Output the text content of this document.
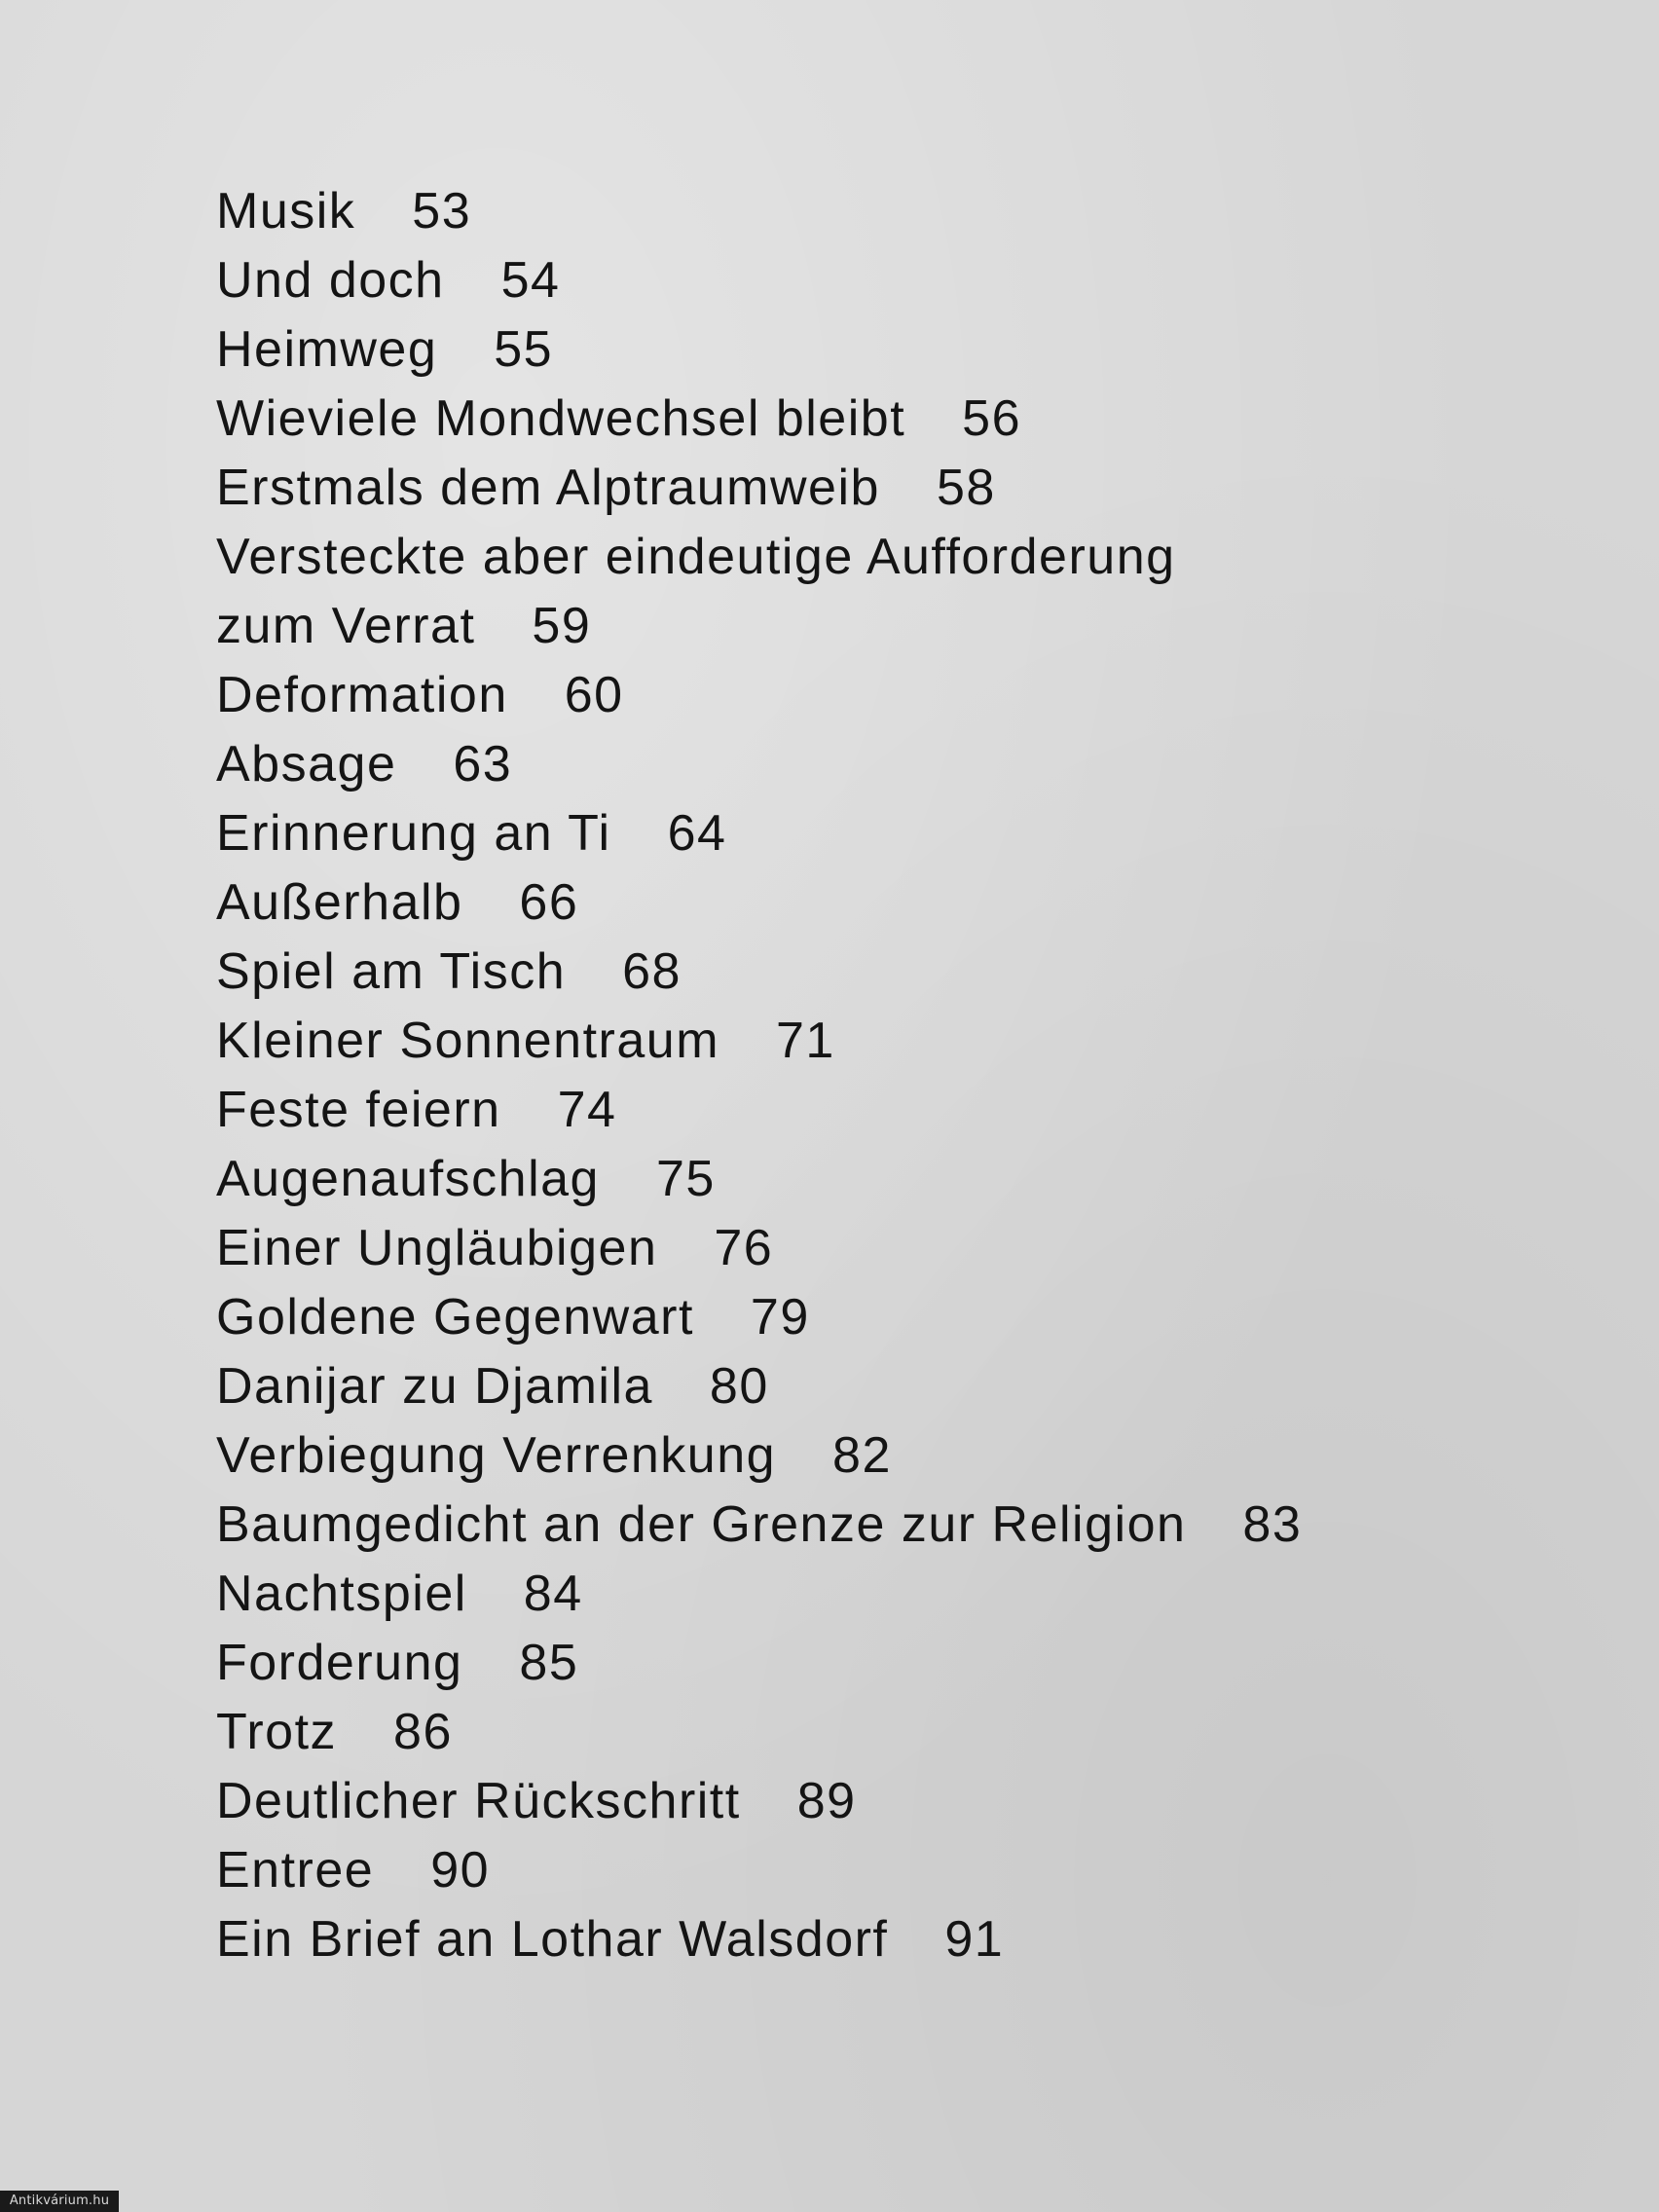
Musik 53
Und doch 54
Heimweg 55
Wieviele Mondwechsel bleibt 56
Erstmals dem Alptraumweib 58
Versteckte aber eindeutige Aufforderung
zum Verrat 59
Deformation 60
Absage 63
Erinnerung an Ti 64
Außerhalb 66
Spiel am Tisch 68
Kleiner Sonnentraum 71
Feste feiern 74
Augenaufschlag 75
Einer Ungläubigen 76
Goldene Gegenwart 79
Danijar zu Djamila 80
Verbiegung Verrenkung 82
Baumgedicht an der Grenze zur Religion 83
Nachtspiel 84
Forderung 85
Trotz 86
Deutlicher Rückschritt 89
Entree 90
Ein Brief an Lothar Walsdorf 91
Antikvárium.hu
